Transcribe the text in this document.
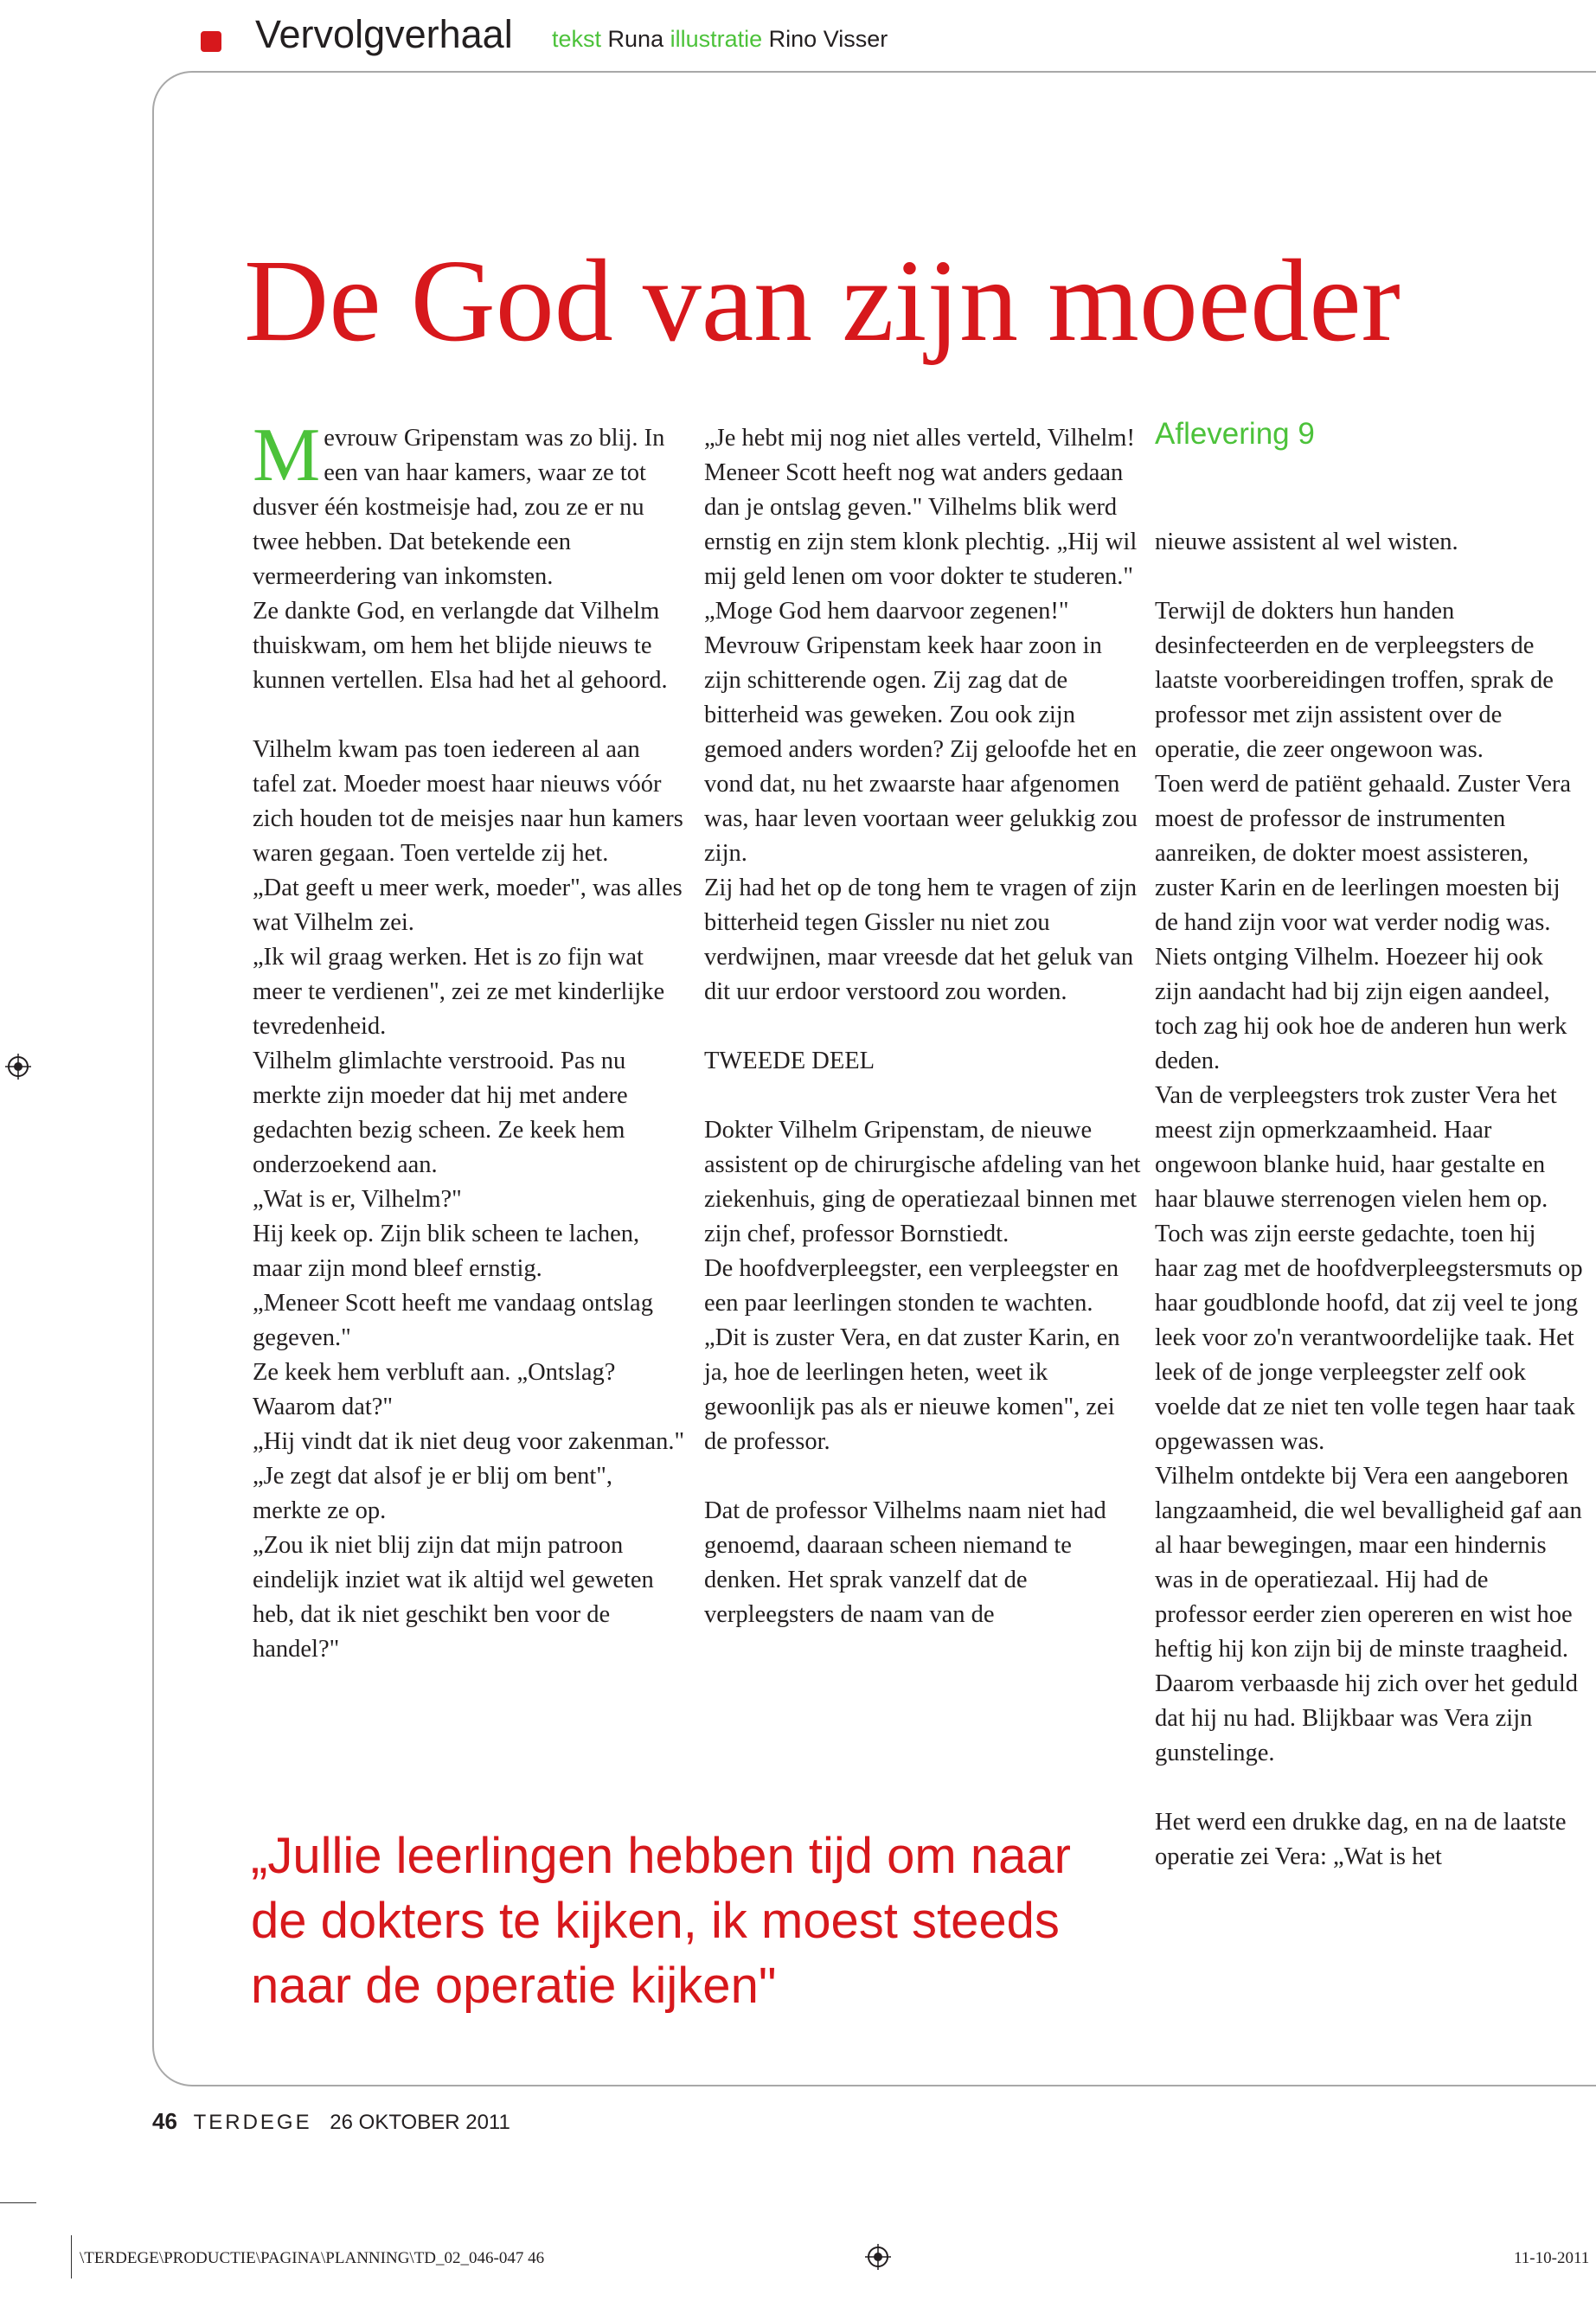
Vervolgverhaal tekst Runa illustratie Rino Visser
De God van zijn moeder

Mevrouw Gripenstam was zo blij. In een van haar kamers, waar ze tot dusver één kostmeisje had, zou ze er nu twee hebben. Dat betekende een vermeerdering van inkomsten.

Ze dankte God, en verlangde dat Vilhelm thuiskwam, om hem het blijde nieuws te kunnen vertellen. Elsa had het al gehoord.

Vilhelm kwam pas toen iedereen al aan tafel zat. Moeder moest haar nieuws vóór zich houden tot de meisjes naar hun kamers waren gegaan. Toen vertelde zij het.

„Dat geeft u meer werk, moeder", was alles wat Vilhelm zei.

„Ik wil graag werken. Het is zo fijn wat meer te verdienen", zei ze met kinderlijke tevredenheid.

Vilhelm glimlachte verstrooid. Pas nu merkte zijn moeder dat hij met andere gedachten bezig scheen. Ze keek hem onderzoekend aan.

„Wat is er, Vilhelm?"

Hij keek op. Zijn blik scheen te lachen, maar zijn mond bleef ernstig.

„Meneer Scott heeft me vandaag ontslag gegeven."

Ze keek hem verbluft aan. „Ontslag? Waarom dat?"

„Hij vindt dat ik niet deug voor zakenman."

„Je zegt dat alsof je er blij om bent", merkte ze op.

„Zou ik niet blij zijn dat mijn patroon eindelijk inziet wat ik altijd wel geweten heb, dat ik niet geschikt ben voor de handel?"

„Je hebt mij nog niet alles verteld, Vilhelm! Meneer Scott heeft nog wat anders gedaan dan je ontslag geven." Vilhelms blik werd ernstig en zijn stem klonk plechtig. „Hij wil mij geld lenen om voor dokter te studeren."

„Moge God hem daarvoor zegenen!" Mevrouw Gripenstam keek haar zoon in zijn schitterende ogen. Zij zag dat de bitterheid was geweken. Zou ook zijn gemoed anders worden? Zij geloofde het en vond dat, nu het zwaarste haar afgenomen was, haar leven voortaan weer gelukkig zou zijn.

Zij had het op de tong hem te vragen of zijn bitterheid tegen Gissler nu niet zou verdwijnen, maar vreesde dat het geluk van dit uur erdoor verstoord zou worden.

TWEEDE DEEL

Dokter Vilhelm Gripenstam, de nieuwe assistent op de chirurgische afdeling van het ziekenhuis, ging de operatiezaal binnen met zijn chef, professor Bornstiedt.

De hoofdverpleegster, een verpleegster en een paar leerlingen stonden te wachten.

„Dit is zuster Vera, en dat zuster Karin, en ja, hoe de leerlingen heten, weet ik gewoonlijk pas als er nieuwe komen", zei de professor.

Dat de professor Vilhelms naam niet had genoemd, daaraan scheen niemand te denken. Het sprak vanzelf dat de verpleegsters de naam van de

Aflevering 9

nieuwe assistent al wel wisten.

Terwijl de dokters hun handen desinfecteerden en de verpleegsters de laatste voorbereidingen troffen, sprak de professor met zijn assistent over de operatie, die zeer ongewoon was.

Toen werd de patiënt gehaald. Zuster Vera moest de professor de instrumenten aanreiken, de dokter moest assisteren, zuster Karin en de leerlingen moesten bij de hand zijn voor wat verder nodig was. Niets ontging Vilhelm. Hoezeer hij ook zijn aandacht had bij zijn eigen aandeel, toch zag hij ook hoe de anderen hun werk deden.

Van de verpleegsters trok zuster Vera het meest zijn opmerkzaamheid. Haar ongewoon blanke huid, haar gestalte en haar blauwe sterrenogen vielen hem op. Toch was zijn eerste gedachte, toen hij haar zag met de hoofdverpleegstersmuts op haar goudblonde hoofd, dat zij veel te jong leek voor zo'n verantwoordelijke taak. Het leek of de jonge verpleegster zelf ook voelde dat ze niet ten volle tegen haar taak opgewassen was.

Vilhelm ontdekte bij Vera een aangeboren langzaamheid, die wel bevalligheid gaf aan al haar bewegingen, maar een hindernis was in de operatiezaal. Hij had de professor eerder zien opereren en wist hoe heftig hij kon zijn bij de minste traagheid. Daarom verbaasde hij zich over het geduld dat hij nu had. Blijkbaar was Vera zijn gunstelinge.

Het werd een drukke dag, en na de laatste operatie zei Vera: „Wat is het

„Jullie leerlingen hebben tijd om naar de dokters te kijken, ik moest steeds naar de operatie kijken"
46 TERDEGE 26 OKTOBER 2011
\TERDEGE\PRODUCTIE\PAGINA\PLANNING\TD_02_046-047 46	11-10-2011
